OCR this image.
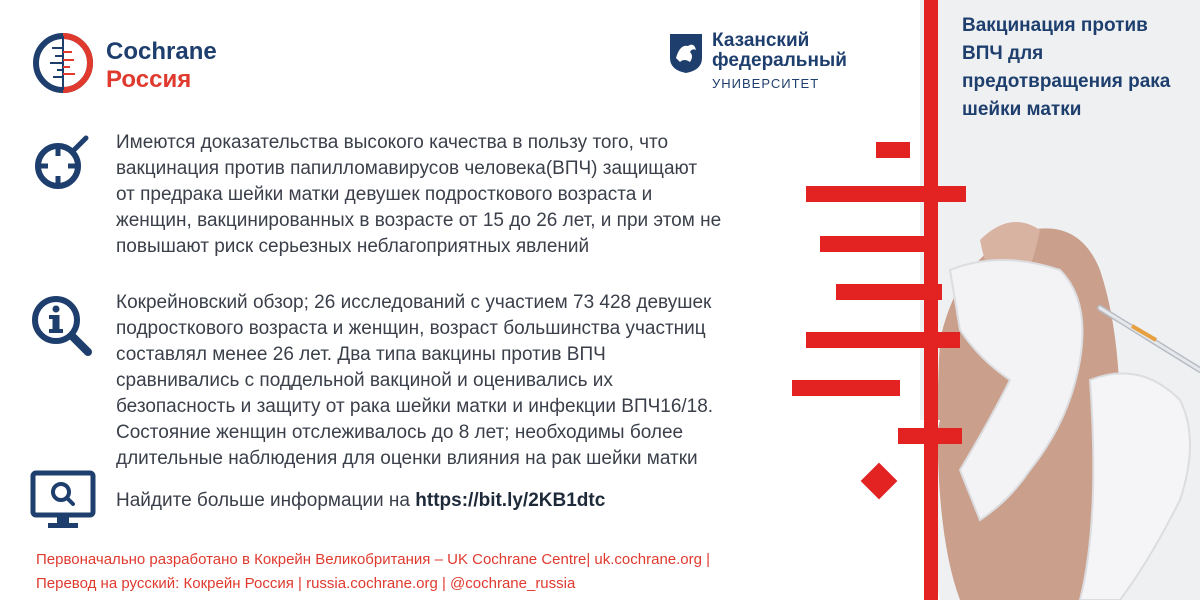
Cochrane
Россия
Казанский
федеральный
УНИВЕРСИТЕТ
Имеются доказательства высокого качества в пользу того, что
вакцинация против папилломавирусов человека(ВПЧ) защищают
от предрака шейки матки девушек подросткового возраста и
женщин, вакцинированных в возрасте от 15 до 26 лет, и при этом не
повышают риск серьезных неблагоприятных явлений
Кокрейновский обзор; 26 исследований с участием 73 428 девушек
подросткового возраста и женщин, возраст большинства участниц
составлял менее 26 лет. Два типа вакцины против ВПЧ
сравнивались с поддельной вакциной и оценивались их
безопасность и защиту от рака шейки матки и инфекции ВПЧ16/18.
Состояние женщин отслеживалось до 8 лет; необходимы более
длительные наблюдения для оценки влияния на рак шейки матки
Найдите больше информации на https://bit.ly/2KB1dtc
Первоначально разработано в Кокрейн Великобритания – UK Cochrane Centre| uk.cochrane.org |
Перевод на русский: Кокрейн Россия | russia.cochrane.org | @cochrane_russia
Вакцинация против ВПЧ для предотвращения рака шейки матки
